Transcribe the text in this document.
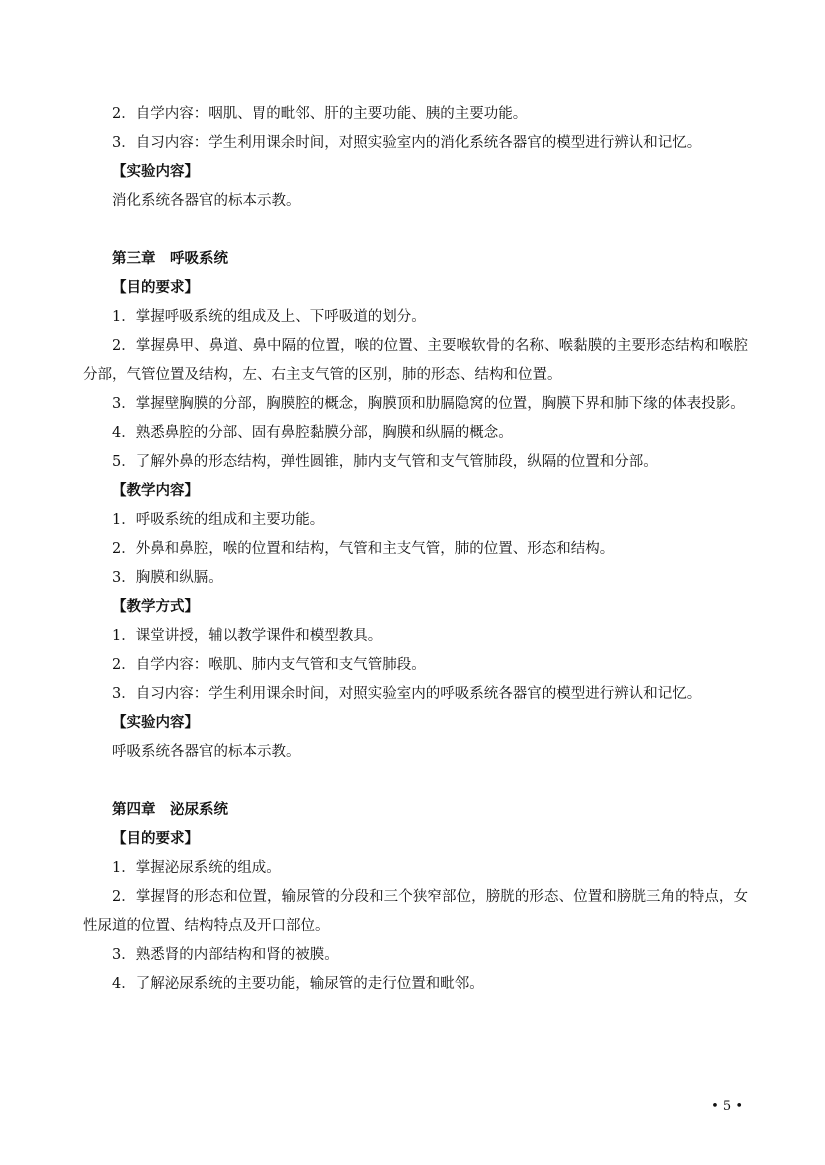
2．自学内容：咽肌、胃的毗邻、肝的主要功能、胰的主要功能。

3．自习内容：学生利用课余时间，对照实验室内的消化系统各器官的模型进行辨认和记忆。

【实验内容】

消化系统各器官的标本示教。

第三章　呼吸系统

【目的要求】

1．掌握呼吸系统的组成及上、下呼吸道的划分。

2．掌握鼻甲、鼻道、鼻中隔的位置，喉的位置、主要喉软骨的名称、喉黏膜的主要形态结构和喉腔分部，气管位置及结构，左、右主支气管的区别，肺的形态、结构和位置。

3．掌握壁胸膜的分部，胸膜腔的概念，胸膜顶和肋膈隐窝的位置，胸膜下界和肺下缘的体表投影。

4．熟悉鼻腔的分部、固有鼻腔黏膜分部，胸膜和纵膈的概念。

5．了解外鼻的形态结构，弹性圆锥，肺内支气管和支气管肺段，纵隔的位置和分部。

【教学内容】

1．呼吸系统的组成和主要功能。

2．外鼻和鼻腔，喉的位置和结构，气管和主支气管，肺的位置、形态和结构。

3．胸膜和纵膈。

【教学方式】

1．课堂讲授，辅以教学课件和模型教具。

2．自学内容：喉肌、肺内支气管和支气管肺段。

3．自习内容：学生利用课余时间，对照实验室内的呼吸系统各器官的模型进行辨认和记忆。

【实验内容】

呼吸系统各器官的标本示教。

第四章　泌尿系统

【目的要求】

1．掌握泌尿系统的组成。

2．掌握肾的形态和位置，输尿管的分段和三个狭窄部位，膀胱的形态、位置和膀胱三角的特点，女性尿道的位置、结构特点及开口部位。

3．熟悉肾的内部结构和肾的被膜。

4．了解泌尿系统的主要功能，输尿管的走行位置和毗邻。

• 5 •
